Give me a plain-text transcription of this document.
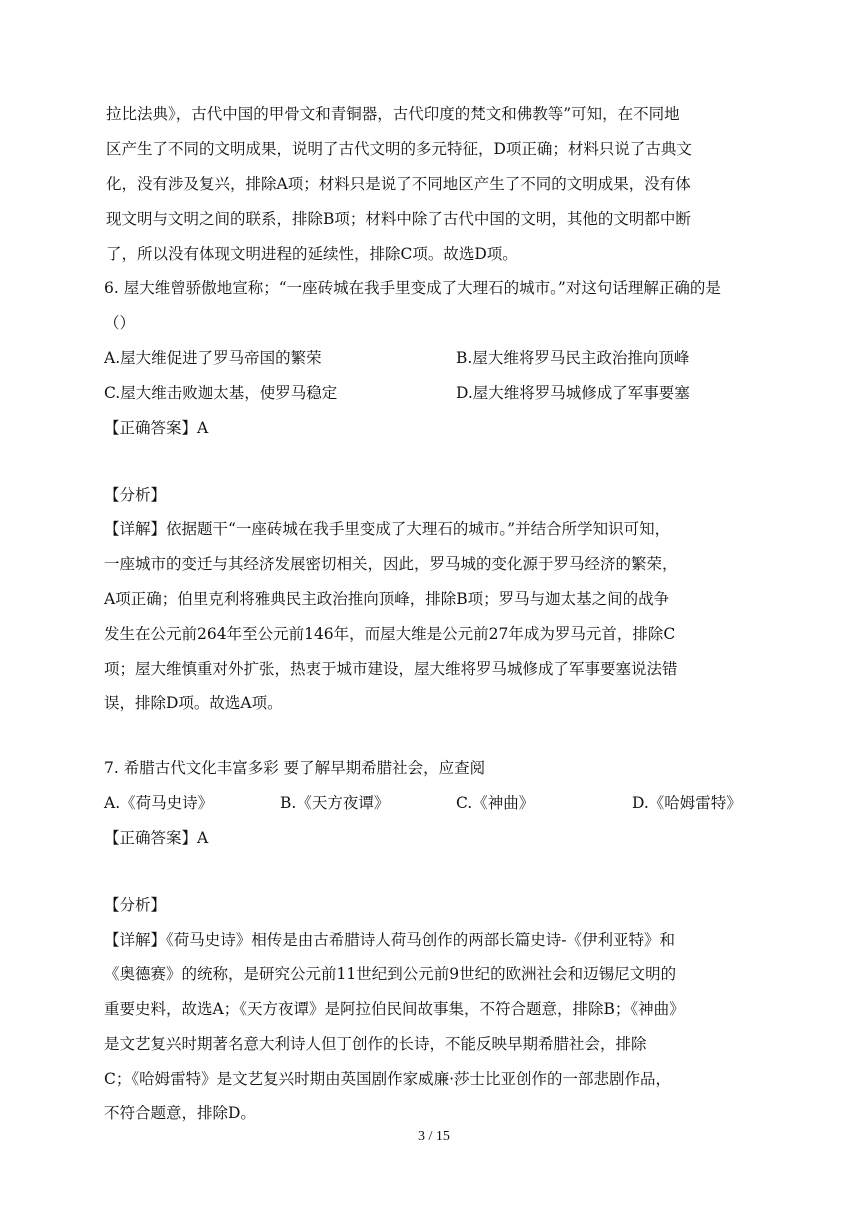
拉比法典》，古代中国的甲骨文和青铜器，古代印度的梵文和佛教等”可知，在不同地
区产生了不同的文明成果，说明了古代文明的多元特征，D项正确；材料只说了古典文
化，没有涉及复兴，排除A项；材料只是说了不同地区产生了不同的文明成果，没有体
现文明与文明之间的联系，排除B项；材料中除了古代中国的文明，其他的文明都中断
了，所以没有体现文明进程的延续性，排除C项。故选D项。
6. 屋大维曾骄傲地宣称；“一座砖城在我手里变成了大理石的城市。”对这句话理解正确的是
（）
A.屋大维促进了罗马帝国的繁荣	B.屋大维将罗马民主政治推向顶峰
C.屋大维击败迦太基，使罗马稳定	D.屋大维将罗马城修成了军事要塞
【正确答案】A
【分析】
【详解】依据题干“一座砖城在我手里变成了大理石的城市。”并结合所学知识可知，
一座城市的变迁与其经济发展密切相关，因此，罗马城的变化源于罗马经济的繁荣，
A项正确；伯里克利将雅典民主政治推向顶峰，排除B项；罗马与迦太基之间的战争
发生在公元前264年至公元前146年，而屋大维是公元前27年成为罗马元首，排除C
项；屋大维慎重对外扩张，热衷于城市建设，屋大维将罗马城修成了军事要塞说法错
误，排除D项。故选A项。
7. 希腊古代文化丰富多彩 要了解早期希腊社会，应查阅
A.《荷马史诗》	B.《天方夜谭》	C.《神曲》	D.《哈姆雷特》
【正确答案】A
【分析】
【详解】《荷马史诗》相传是由古希腊诗人荷马创作的两部长篇史诗-《伊利亚特》和
《奥德赛》的统称，是研究公元前11世纪到公元前9世纪的欧洲社会和迈锡尼文明的
重要史料，故选A；《天方夜谭》是阿拉伯民间故事集，不符合题意，排除B；《神曲》
是文艺复兴时期著名意大利诗人但丁创作的长诗，不能反映早期希腊社会，排除
C；《哈姆雷特》是文艺复兴时期由英国剧作家威廉·莎士比亚创作的一部悲剧作品，
不符合题意，排除D。
3 / 15
